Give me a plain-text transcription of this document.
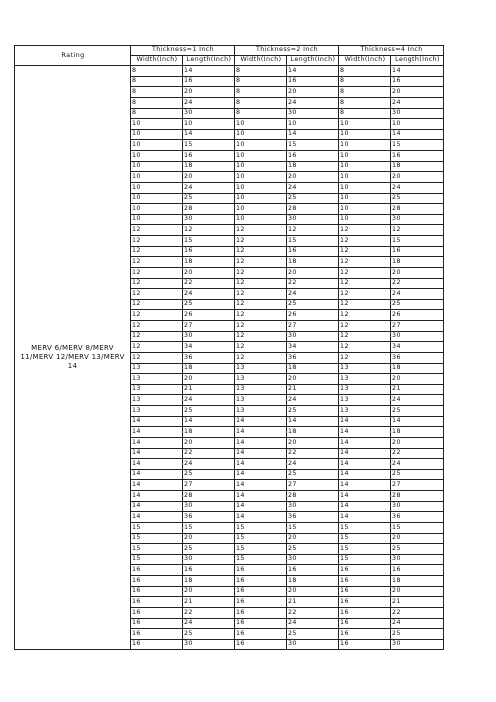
Rating	Thickness=1 Inch		Thickness=2 Inch		Thickness=4 Inch	
	Width(Inch)	Length(Inch)	Width(Inch)	Length(Inch)	Width(Inch)	Length(Inch)
MERV 6/MERV 8/MERV 11/MERV 12/MERV 13/MERV 14	8	14	8	14	8	14
	8	16	8	16	8	16
	8	20	8	20	8	20
	8	24	8	24	8	24
	8	30	8	30	8	30
	10	10	10	10	10	10
	10	14	10	14	10	14
	10	15	10	15	10	15
	10	16	10	16	10	16
	10	18	10	18	10	18
	10	20	10	20	10	20
	10	24	10	24	10	24
	10	25	10	25	10	25
	10	28	10	28	10	28
	10	30	10	30	10	30
	12	12	12	12	12	12
	12	15	12	15	12	15
	12	16	12	16	12	16
	12	18	12	18	12	18
	12	20	12	20	12	20
	12	22	12	22	12	22
	12	24	12	24	12	24
	12	25	12	25	12	25
	12	26	12	26	12	26
	12	27	12	27	12	27
	12	30	12	30	12	30
	12	34	12	34	12	34
	12	36	12	36	12	36
	13	18	13	18	13	18
	13	20	13	20	13	20
	13	21	13	21	13	21
	13	24	13	24	13	24
	13	25	13	25	13	25
	14	14	14	14	14	14
	14	18	14	18	14	18
	14	20	14	20	14	20
	14	22	14	22	14	22
	14	24	14	24	14	24
	14	25	14	25	14	25
	14	27	14	27	14	27
	14	28	14	28	14	28
	14	30	14	30	14	30
	14	36	14	36	14	36
	15	15	15	15	15	15
	15	20	15	20	15	20
	15	25	15	25	15	25
	15	30	15	30	15	30
	16	16	16	16	16	16
	16	18	16	18	16	18
	16	20	16	20	16	20
	16	21	16	21	16	21
	16	22	16	22	16	22
	16	24	16	24	16	24
	16	25	16	25	16	25
	16	30	16	30	16	30
